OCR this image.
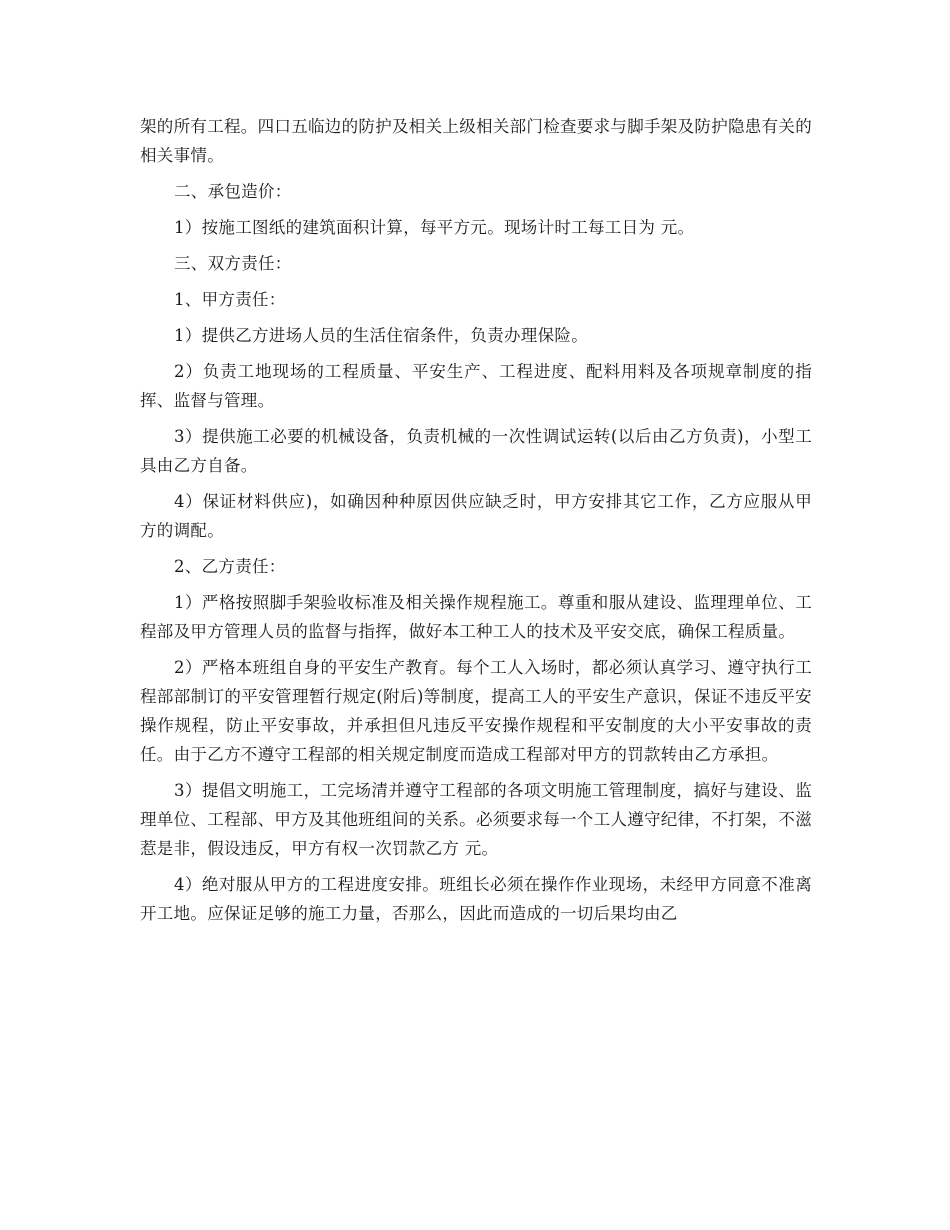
架的所有工程。四口五临边的防护及相关上级相关部门检查要求与脚手架及防护隐患有关的相关事情。

二、承包造价：

1）按施工图纸的建筑面积计算，每平方元。现场计时工每工日为 元。

三、双方责任：

1、甲方责任：

1）提供乙方进场人员的生活住宿条件，负责办理保险。

2）负责工地现场的工程质量、平安生产、工程进度、配料用料及各项规章制度的指挥、监督与管理。

3）提供施工必要的机械设备，负责机械的一次性调试运转(以后由乙方负责)，小型工具由乙方自备。

4）保证材料供应)，如确因种种原因供应缺乏时，甲方安排其它工作，乙方应服从甲方的调配。

2、乙方责任：

1）严格按照脚手架验收标准及相关操作规程施工。尊重和服从建设、监理理单位、工程部及甲方管理人员的监督与指挥，做好本工种工人的技术及平安交底，确保工程质量。

2）严格本班组自身的平安生产教育。每个工人入场时，都必须认真学习、遵守执行工程部部制订的平安管理暂行规定(附后)等制度，提高工人的平安生产意识，保证不违反平安操作规程，防止平安事故，并承担但凡违反平安操作规程和平安制度的大小平安事故的责任。由于乙方不遵守工程部的相关规定制度而造成工程部对甲方的罚款转由乙方承担。

3）提倡文明施工，工完场清并遵守工程部的各项文明施工管理制度，搞好与建设、监理单位、工程部、甲方及其他班组间的关系。必须要求每一个工人遵守纪律，不打架，不滋惹是非，假设违反，甲方有权一次罚款乙方 元。

4）绝对服从甲方的工程进度安排。班组长必须在操作作业现场，未经甲方同意不准离开工地。应保证足够的施工力量，否那么，因此而造成的一切后果均由乙
